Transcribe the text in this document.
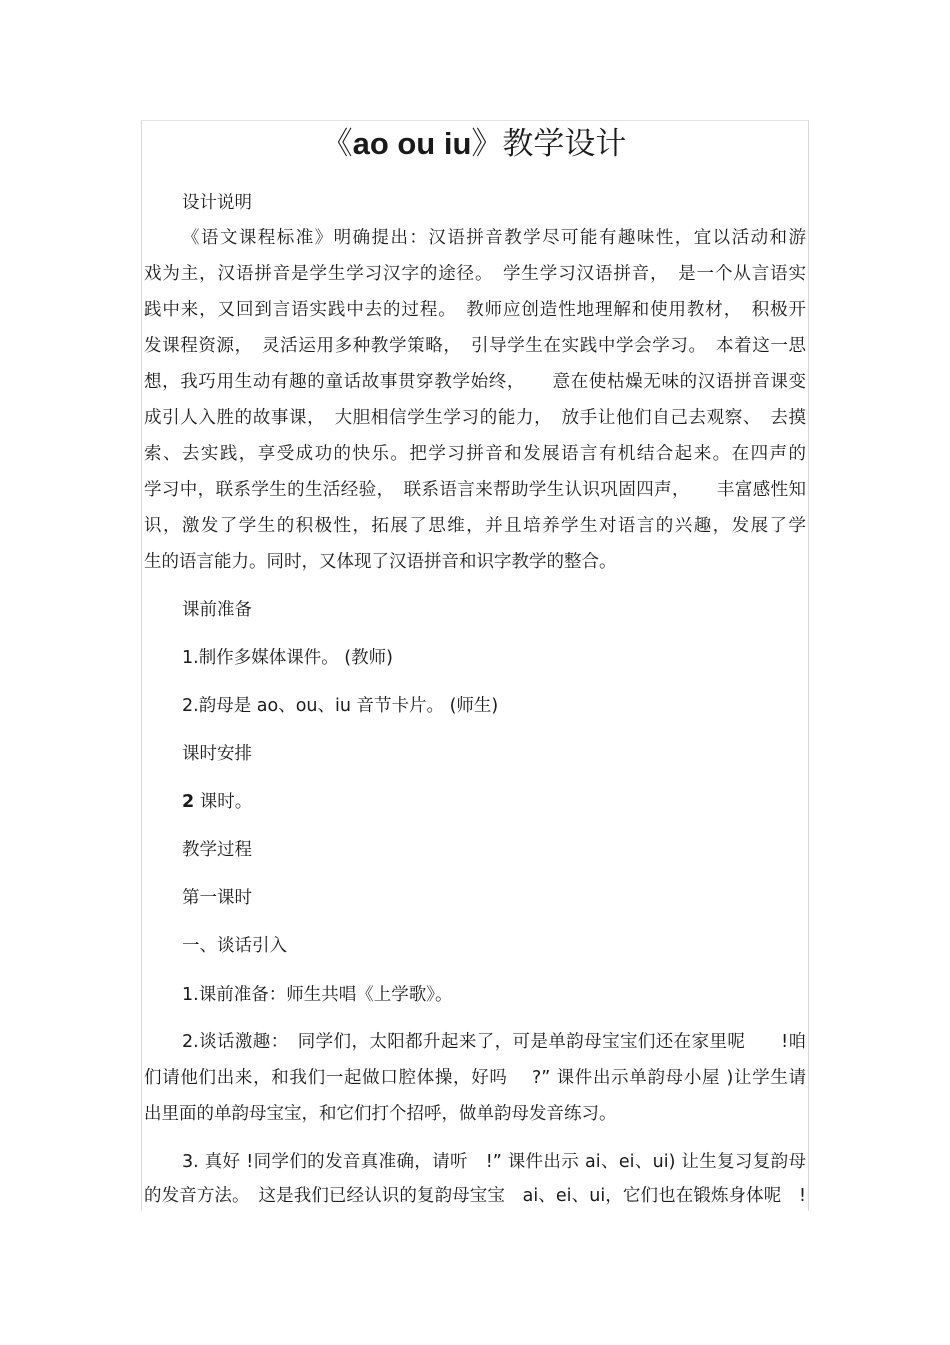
《ao ou iu》教学设计
设计说明
《语文课程标准》明确提出：汉语拼音教学尽可能有趣味性，宜以活动和游
戏为主，汉语拼音是学生学习汉字的途径。　学生学习汉语拼音，　是一个从言语实
践中来，又回到言语实践中去的过程。　教师应创造性地理解和使用教材，　积极开
发课程资源，　灵活运用多种教学策略，　引导学生在实践中学会学习。　本着这一思
想，我巧用生动有趣的童话故事贯穿教学始终，　　意在使枯燥无味的汉语拼音课变
成引人入胜的故事课，　大胆相信学生学习的能力，　放手让他们自己去观察、　去摸
索、去实践，享受成功的快乐。把学习拼音和发展语言有机结合起来。在四声的
学习中，联系学生的生活经验，　联系语言来帮助学生认识巩固四声，　　丰富感性知
识，激发了学生的积极性，拓展了思维，并且培养学生对语言的兴趣，发展了学
生的语言能力。同时，又体现了汉语拼音和识字教学的整合。
课前准备
1.制作多媒体课件。 (教师)
2.韵母是 ao、ou、iu 音节卡片。 (师生)
课时安排
2 课时。
教学过程
第一课时
一、谈话引入
1.课前准备：师生共唱《上学歌》。
2.谈话激趣：　同学们，太阳都升起来了，可是单韵母宝宝们还在家里呢　　!咱
们请他们出来，和我们一起做口腔体操，好吗　 ?” 课件出示单韵母小屋 )让学生请
出里面的单韵母宝宝，和它们打个招呼，做单韵母发音练习。
3. 真好 !同学们的发音真准确，请听　!” 课件出示 ai、ei、ui) 让生复习复韵母
的发音方法。　这是我们已经认识的复韵母宝宝　ai、ei、ui，它们也在锻炼身体呢　!
